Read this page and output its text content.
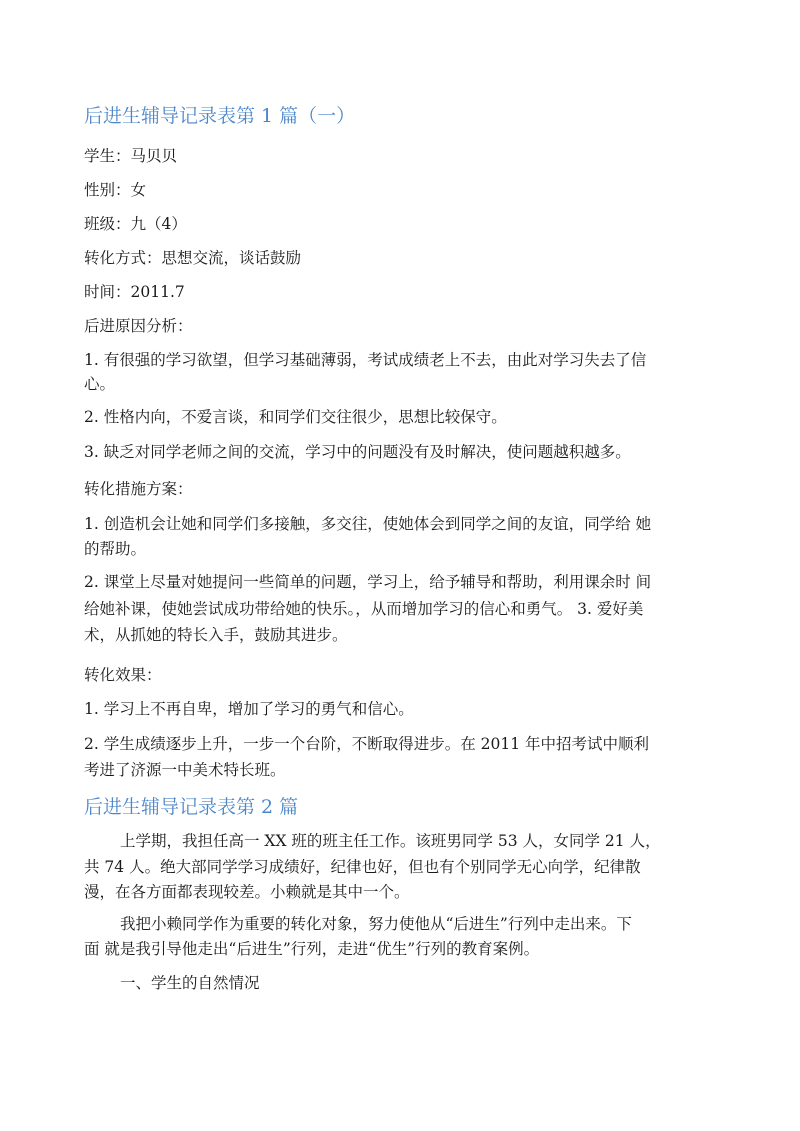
后进生辅导记录表第 1 篇（一）

学生：马贝贝

性别：女

班级：九（4）

转化方式：思想交流，谈话鼓励

时间：2011.7

后进原因分析：

1. 有很强的学习欲望，但学习基础薄弱，考试成绩老上不去，由此对学习失去了信

心。

2. 性格内向，不爱言谈，和同学们交往很少，思想比较保守。

3. 缺乏对同学老师之间的交流，学习中的问题没有及时解决，使问题越积越多。

转化措施方案：

1. 创造机会让她和同学们多接触，多交往，使她体会到同学之间的友谊，同学给 她

的帮助。

2. 课堂上尽量对她提问一些简单的问题，学习上，给予辅导和帮助，利用课余时 间

给她补课，使她尝试成功带给她的快乐。，从而增加学习的信心和勇气。 3. 爱好美

术，从抓她的特长入手，鼓励其进步。

转化效果：

1. 学习上不再自卑，增加了学习的勇气和信心。

2. 学生成绩逐步上升，一步一个台阶，不断取得进步。在 2011 年中招考试中顺利

考进了济源一中美术特长班。

后进生辅导记录表第 2 篇

上学期，我担任高一 XX 班的班主任工作。该班男同学 53 人，女同学 21 人，

共 74 人。绝大部同学学习成绩好，纪律也好，但也有个别同学无心向学，纪律散

漫，在各方面都表现较差。小赖就是其中一个。

我把小赖同学作为重要的转化对象，努力使他从“后进生”行列中走出来。下

面 就是我引导他走出“后进生”行列，走进“优生”行列的教育案例。

一、学生的自然情况
